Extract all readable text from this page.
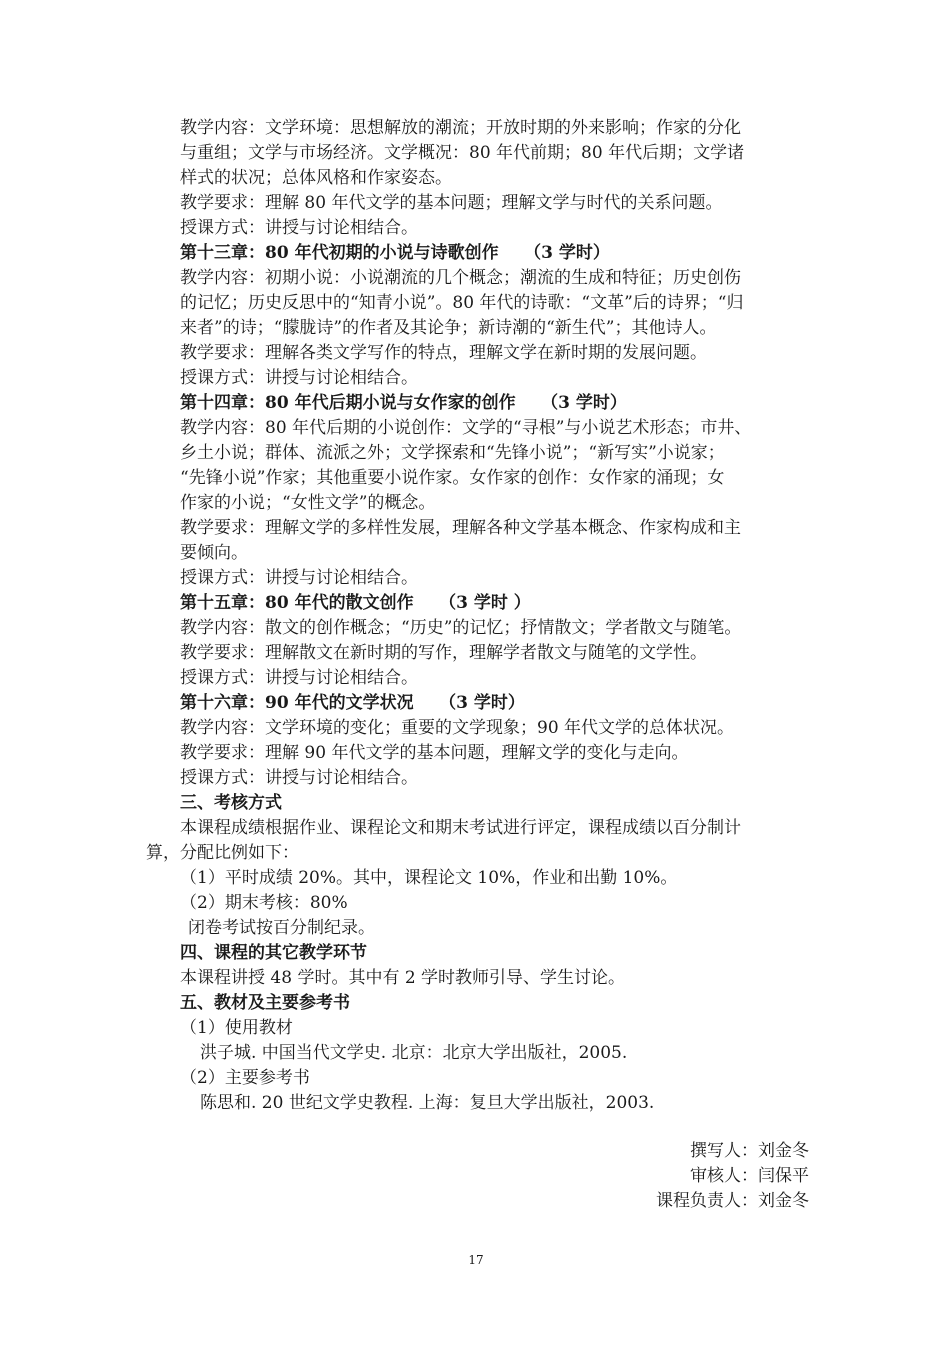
教学内容：文学环境：思想解放的潮流；开放时期的外来影响；作家的分化
与重组；文学与市场经济。文学概况：80 年代前期；80 年代后期；文学诸
样式的状况；总体风格和作家姿态。
教学要求：理解 80 年代文学的基本问题；理解文学与时代的关系问题。
授课方式：讲授与讨论相结合。
第十三章：80 年代初期的小说与诗歌创作　　（3 学时）
教学内容：初期小说：小说潮流的几个概念；潮流的生成和特征；历史创伤
的记忆；历史反思中的“知青小说”。80 年代的诗歌：“文革”后的诗界；“归
来者”的诗；“朦胧诗”的作者及其论争；新诗潮的“新生代”；其他诗人。
教学要求：理解各类文学写作的特点，理解文学在新时期的发展问题。
授课方式：讲授与讨论相结合。
第十四章：80 年代后期小说与女作家的创作　　（3 学时）
教学内容：80 年代后期的小说创作：文学的“寻根”与小说艺术形态；市井、
乡土小说；群体、流派之外；文学探索和“先锋小说”；“新写实”小说家；
“先锋小说”作家；其他重要小说作家。女作家的创作：女作家的涌现；女
作家的小说；“女性文学”的概念。
教学要求：理解文学的多样性发展，理解各种文学基本概念、作家构成和主
要倾向。
授课方式：讲授与讨论相结合。
第十五章：80 年代的散文创作　　（3 学时 ）
教学内容：散文的创作概念；“历史”的记忆；抒情散文；学者散文与随笔。
教学要求：理解散文在新时期的写作，理解学者散文与随笔的文学性。
授课方式：讲授与讨论相结合。
第十六章：90 年代的文学状况　　（3 学时）
教学内容：文学环境的变化；重要的文学现象；90 年代文学的总体状况。
教学要求：理解 90 年代文学的基本问题，理解文学的变化与走向。
授课方式：讲授与讨论相结合。
三、考核方式
本课程成绩根据作业、课程论文和期末考试进行评定，课程成绩以百分制计
算，分配比例如下：
（1）平时成绩 20%。其中，课程论文 10%，作业和出勤 10%。
（2）期末考核：80%
闭卷考试按百分制纪录。
四、课程的其它教学环节
本课程讲授 48 学时。其中有 2 学时教师引导、学生讨论。
五、教材及主要参考书
（1）使用教材
洪子城. 中国当代文学史. 北京：北京大学出版社，2005.
（2）主要参考书
陈思和. 20 世纪文学史教程. 上海：复旦大学出版社，2003.
撰写人：刘金冬
审核人：闫保平
课程负责人：刘金冬
17
